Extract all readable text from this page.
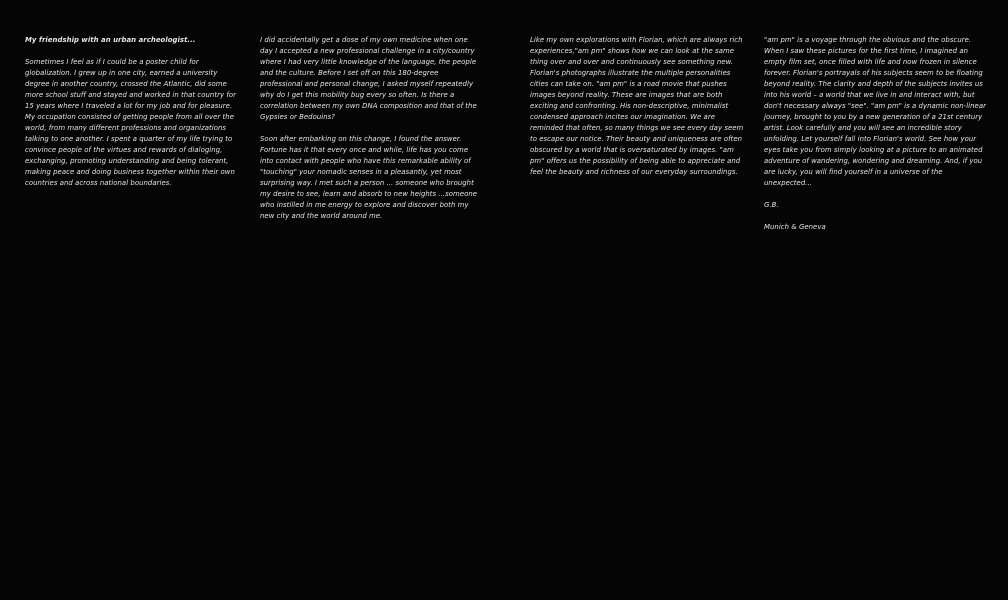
My friendship with an urban archeologist...

Sometimes I feel as if I could be a poster child for globalization. I grew up in one city, earned a university degree in another country, crossed the Atlantic, did some more school stuff and stayed and worked in that country for 15 years where I traveled a lot for my job and for pleasure. My occupation consisted of getting people from all over the world, from many different professions and organizations talking to one another. I spent a quarter of my life trying to convince people of the virtues and rewards of dialoging, exchanging, promoting understanding and being tolerant, making peace and doing business together within their own countries and across national boundaries.

I did accidentally get a dose of my own medicine when one day I accepted a new professional challenge in a city/country where I had very little knowledge of the language, the people and the culture. Before I set off on this 180-degree professional and personal change, I asked myself repeatedly why do I get this mobility bug every so often. Is there a correlation between my own DNA composition and that of the Gypsies or Bedouins?

Soon after embarking on this change, I found the answer. Fortune has it that every once and while, life has you come into contact with people who have this remarkable ability of "touching" your nomadic senses in a pleasantly, yet most surprising way. I met such a person ... someone who brought my desire to see, learn and absorb to new heights ...someone who instilled in me energy to explore and discover both my new city and the world around me.

Like my own explorations with Florian, which are always rich experiences,"am pm" shows how we can look at the same thing over and over and continuously see something new. Florian's photographs illustrate the multiple personalities cities can take on. "am pm" is a road movie that pushes images beyond reality. These are images that are both exciting and confronting. His non-descriptive, minimalist condensed approach incites our imagination. We are reminded that often, so many things we see every day seem to escape our notice. Their beauty and uniqueness are often obscured by a world that is oversaturated by images. "am pm" offers us the possibility of being able to appreciate and feel the beauty and richness of our everyday surroundings.

"am pm" is a voyage through the obvious and the obscure. When I saw these pictures for the first time, I imagined an empty film set, once filled with life and now frozen in silence forever. Florian's portrayals of his subjects seem to be floating beyond reality. The clarity and depth of the subjects invites us into his world – a world that we live in and interact with, but don't necessary always "see". "am pm" is a dynamic non-linear journey, brought to you by a new generation of a 21st century artist. Look carefully and you will see an incredible story unfolding. Let yourself fall into Florian's world. See how your eyes take you from simply looking at a picture to an animated adventure of wandering, wondering and dreaming. And, if you are lucky, you will find yourself in a universe of the unexpected...

G.B.

Munich & Geneva
